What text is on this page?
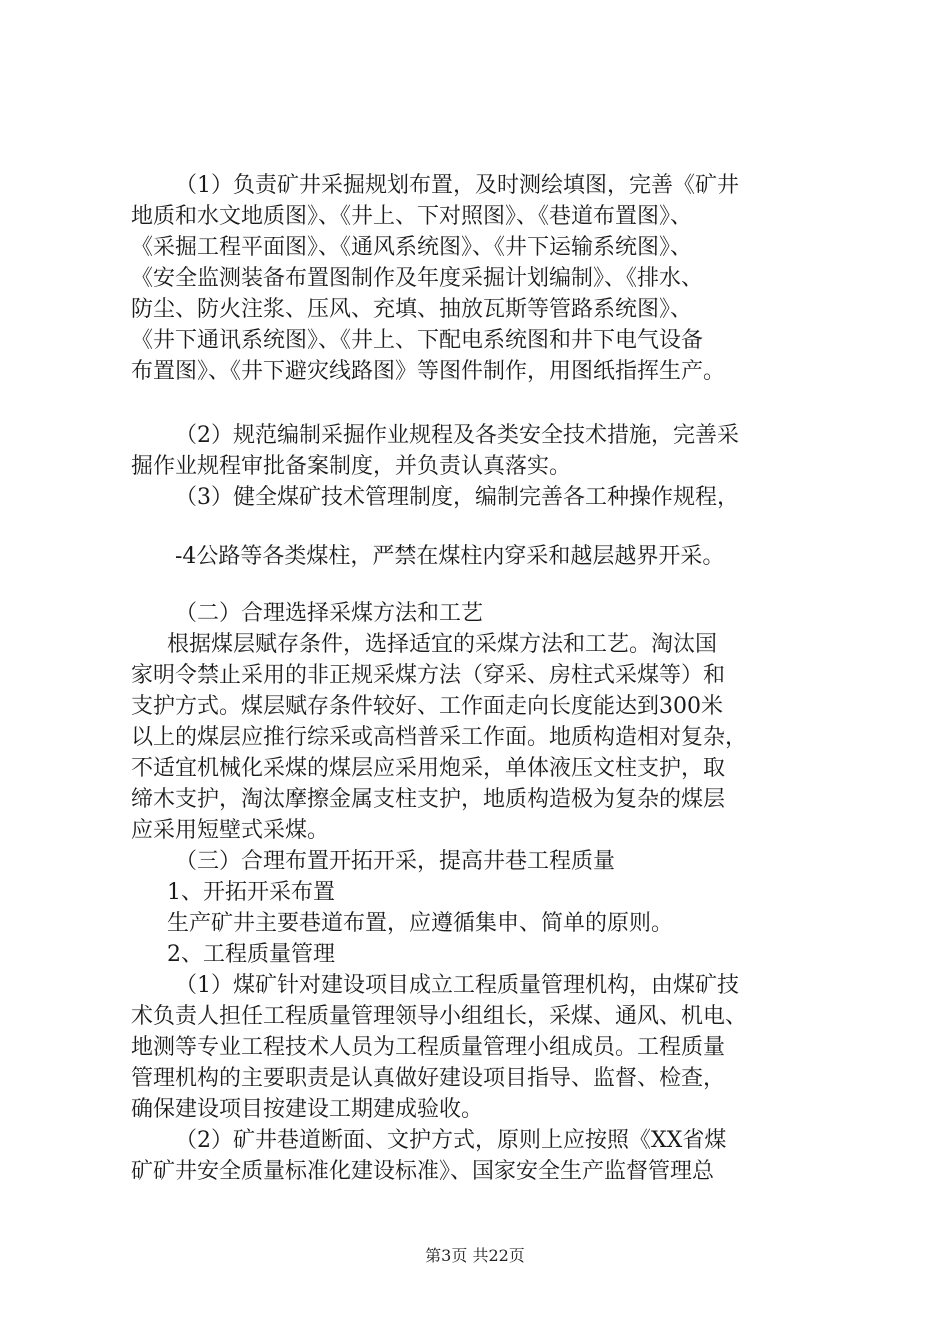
（1）负责矿井采掘规划布置，及时测绘填图，完善《矿井

地质和水文地质图》、《井上、下对照图》、《巷道布置图》、

《采掘工程平面图》、《通风系统图》、《井下运输系统图》、

《安全监测装备布置图制作及年度采掘计划编制》、《排水、

防尘、防火注浆、压风、充填、抽放瓦斯等管路系统图》、

《井下通讯系统图》、《井上、下配电系统图和井下电气设备

布置图》、《井下避灾线路图》等图件制作，用图纸指挥生产。

（2）规范编制采掘作业规程及各类安全技术措施，完善采

掘作业规程审批备案制度，并负责认真落实。

（3）健全煤矿技术管理制度，编制完善各工种操作规程，

-4公路等各类煤柱，严禁在煤柱内穿采和越层越界开采。

（二）合理选择采煤方法和工艺

根据煤层赋存条件，选择适宜的采煤方法和工艺。淘汰国

家明令禁止采用的非正规采煤方法（穿采、房柱式采煤等）和

支护方式。煤层赋存条件较好、工作面走向长度能达到300米

以上的煤层应推行综采或高档普采工作面。地质构造相对复杂，

不适宜机械化采煤的煤层应采用炮采，单体液压文柱支护，取

缔木支护，淘汰摩擦金属支柱支护，地质构造极为复杂的煤层

应采用短壁式采煤。

（三）合理布置开拓开采，提高井巷工程质量

1、开拓开采布置

生产矿井主要巷道布置，应遵循集申、简单的原则。

2、工程质量管理

（1）煤矿针对建设项目成立工程质量管理机构，由煤矿技

术负责人担任工程质量管理领导小组组长，采煤、通风、机电、

地测等专业工程技术人员为工程质量管理小组成员。工程质量

管理机构的主要职责是认真做好建设项目指导、监督、检查，

确保建设项目按建设工期建成验收。

（2）矿井巷道断面、文护方式，原则上应按照《XX省煤

矿矿井安全质量标准化建设标准》、国家安全生产监督管理总

第3页 共22页
